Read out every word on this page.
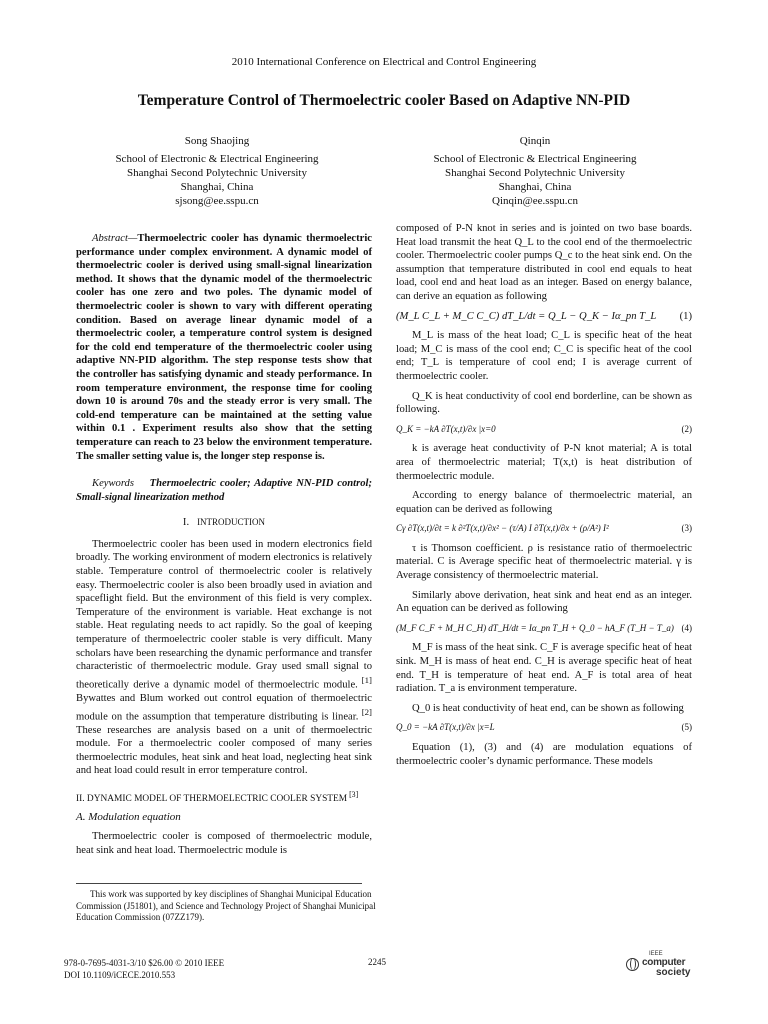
2010 International Conference on Electrical and Control Engineering
Temperature Control of Thermoelectric cooler Based on Adaptive NN-PID
Song Shaojing
School of Electronic & Electrical Engineering
Shanghai Second Polytechnic University
Shanghai, China
sjsong@ee.sspu.cn
Qinqin
School of Electronic & Electrical Engineering
Shanghai Second Polytechnic University
Shanghai, China
Qinqin@ee.sspu.cn

Abstract—Thermoelectric cooler has dynamic thermoelectric performance under complex environment. A dynamic model of thermoelectric cooler is derived using small-signal linearization method. It shows that the dynamic model of the thermoelectric cooler has one zero and two poles. The dynamic model of thermoelectric cooler is shown to vary with different operating condition. Based on average linear dynamic model of a thermoelectric cooler, a temperature control system is designed for the cold end temperature of the thermoelectric cooler using adaptive NN-PID algorithm. The step response tests show that the controller has satisfying dynamic and steady performance. In room temperature environment, the response time for cooling down 10 is around 70s and the steady error is very small. The cold-end temperature can be maintained at the setting value within 0.1 . Experiment results also show that the setting temperature can reach to 23 below the environment temperature. The smaller setting value is, the longer step response is.

Keywords Thermoelectric cooler; Adaptive NN-PID control; Small-signal linearization method

I. INTRODUCTION

Thermoelectric cooler has been used in modern electronics field broadly. The working environment of modern electronics is relatively stable. Temperature control of thermoelectric cooler is relatively easy. Thermoelectric cooler is also been broadly used in aviation and spaceflight field. But the environment of this field is very complex. Temperature of the environment is variable. Heat exchange is not stable. Heat regulating needs to act rapidly. So the goal of keeping temperature of thermoelectric cooler stable is very difficult. Many scholars have been researching the dynamic performance and transfer characteristic of thermoelectric module. Gray used small signal to theoretically derive a dynamic model of thermoelectric module. [1] Bywattes and Blum worked out control equation of thermoelectric module on the assumption that temperature distributing is linear. [2] These researches are analysis based on a unit of thermoelectric module. For a thermoelectric cooler composed of many series thermoelectric modules, heat sink and heat load, neglecting heat sink and heat load could result in error temperature control.

II. DYNAMIC MODEL OF THERMOELECTRIC COOLER SYSTEM [3]
A. Modulation equation

Thermoelectric cooler is composed of thermoelectric module, heat sink and heat load. Thermoelectric module is

composed of P-N knot in series and is jointed on two base boards. Heat load transmit the heat Q_L to the cool end of the thermoelectric cooler. Thermoelectric cooler pumps Q_c to the heat sink end. On the assumption that temperature distributed in cool end equals to heat load, cool end and heat load as an integer. Based on energy balance, can derive an equation as following

(M_L C_L + M_C C_C) dT_L/dt = Q_L − Q_K − Iα_pn T_L (1)

M_L is mass of the heat load; C_L is specific heat of the heat load; M_C is mass of the cool end; C_C is specific heat of the cool end; T_L is temperature of cool end; I is average current of thermoelectric cooler.

Q_K is heat conductivity of cool end borderline, can be shown as following.

Q_K = −kA ∂T(x,t)/∂x |x=0	(2)

k is average heat conductivity of P-N knot material; A is total area of thermoelectric material; T(x,t) is heat distribution of thermoelectric module.

According to energy balance of thermoelectric material, an equation can be derived as following

Cγ ∂T(x,t)/∂t = k ∂²T(x,t)/∂x² − (τ/A) I ∂T(x,t)/∂x + (ρ/A²) I²	(3)

τ is Thomson coefficient. ρ is resistance ratio of thermoelectric material. C is Average specific heat of thermoelectric material. γ is Average consistency of thermoelectric material.

Similarly above derivation, heat sink and heat end as an integer. An equation can be derived as following

(M_F C_F + M_H C_H) dT_H/dt = Iα_pn T_H + Q_0 − hA_F (T_H − T_a) (4)

M_F is mass of the heat sink. C_F is average specific heat of heat sink. M_H is mass of heat end. C_H is average specific heat of heat end. T_H is temperature of heat end. A_F is total area of heat radiation. T_a is environment temperature.

Q_0 is heat conductivity of heat end, can be shown as following

Q_0 = −kA ∂T(x,t)/∂x |x=L	(5)

Equation (1), (3) and (4) are modulation equations of thermoelectric cooler’s dynamic performance. These models

This work was supported by key disciplines of Shanghai Municipal Education Commission (J51801), and Science and Technology Project of Shanghai Municipal Education Commission (07ZZ179).

978-0-7695-4031-3/10 $26.00 © 2010 IEEE
DOI 10.1109/iCECE.2010.553
2245
IEEE
computer
society
